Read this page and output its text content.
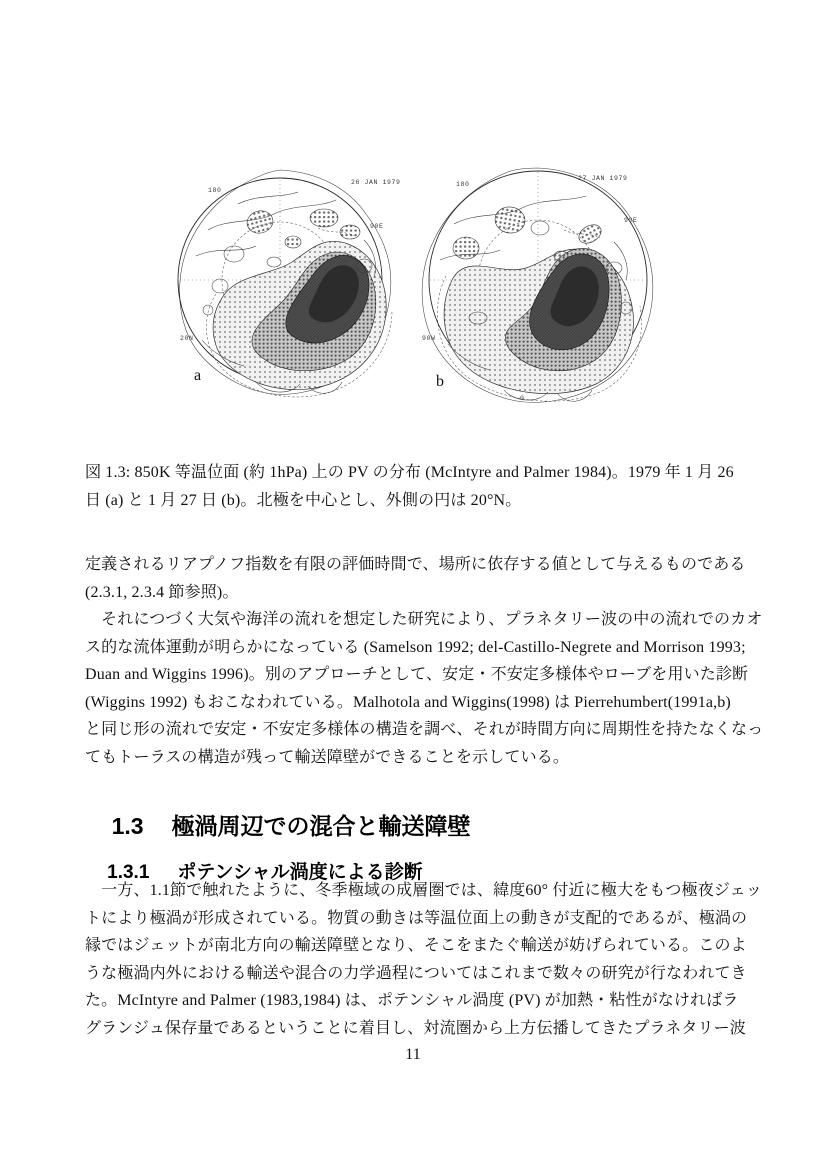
26 JAN 1979
180
90E
20N
a
27 JAN 1979
180
90E
90W
0
b
図 1.3: 850K 等温位面 (約 1hPa) 上の PV の分布 (McIntyre and Palmer 1984)。1979 年 1 月 26
日 (a) と 1 月 27 日 (b)。北極を中心とし、外側の円は 20°N。
定義されるリアプノフ指数を有限の評価時間で、場所に依存する値として与えるものである
(2.3.1, 2.3.4 節参照)。
　それにつづく大気や海洋の流れを想定した研究により、プラネタリー波の中の流れでのカオ
ス的な流体運動が明らかになっている (Samelson 1992; del-Castillo-Negrete and Morrison 1993;
Duan and Wiggins 1996)。別のアプローチとして、安定・不安定多様体やローブを用いた診断
(Wiggins 1992) もおこなわれている。Malhotola and Wiggins(1998) は Pierrehumbert(1991a,b)
と同じ形の流れで安定・不安定多様体の構造を調べ、それが時間方向に周期性を持たなくなっ
てもトーラスの構造が残って輸送障壁ができることを示している。

1.3 極渦周辺での混合と輸送障壁

1.3.1 ポテンシャル渦度による診断

　一方、1.1節で触れたように、冬季極域の成層圏では、緯度60° 付近に極大をもつ極夜ジェッ
トにより極渦が形成されている。物質の動きは等温位面上の動きが支配的であるが、極渦の
縁ではジェットが南北方向の輸送障壁となり、そこをまたぐ輸送が妨げられている。このよ
うな極渦内外における輸送や混合の力学過程についてはこれまで数々の研究が行なわれてき
た。McIntyre and Palmer (1983,1984) は、ポテンシャル渦度 (PV) が加熱・粘性がなければラ
グランジュ保存量であるということに着目し、対流圏から上方伝播してきたプラネタリー波
11
